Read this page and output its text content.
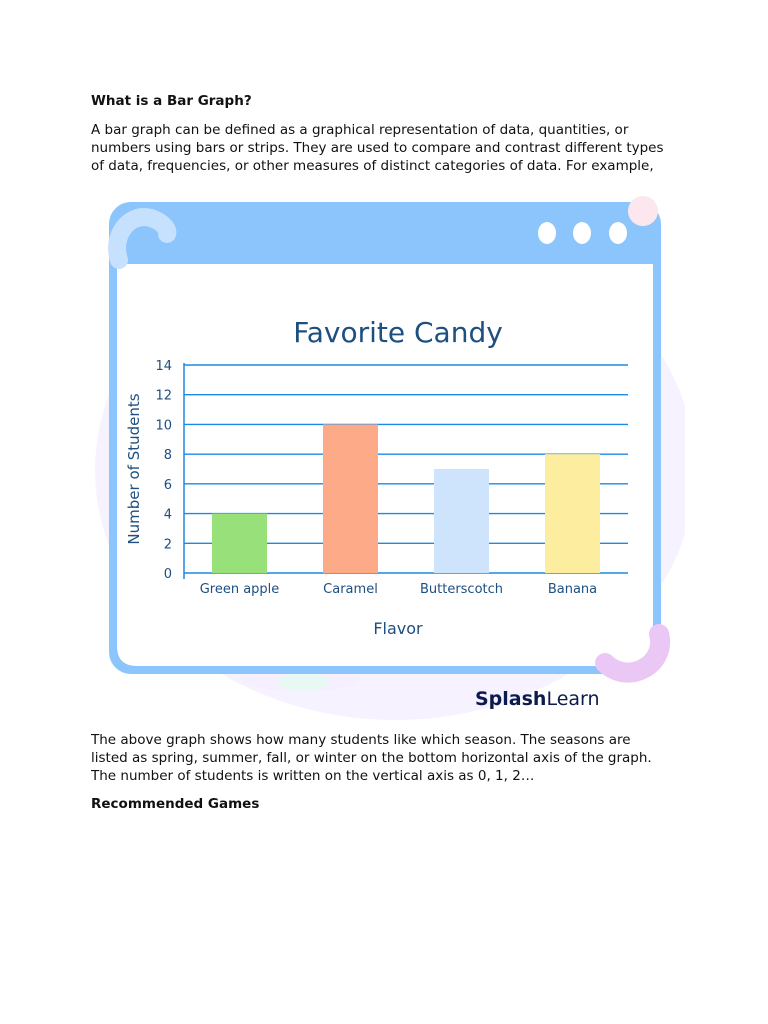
What is a Bar Graph?

A bar graph can be defined as a graphical representation of data, quantities, or
numbers using bars or strips. They are used to compare and contrast different types
of data, frequencies, or other measures of distinct categories of data. For example,

Favorite Candy
0
2
4
6
8
10
12
14
Green apple	Caramel	Butterscotch	Banana
Number of Students
Flavor
SplashLearn

The above graph shows how many students like which season. The seasons are
listed as spring, summer, fall, or winter on the bottom horizontal axis of the graph.
The number of students is written on the vertical axis as 0, 1, 2…

Recommended Games
